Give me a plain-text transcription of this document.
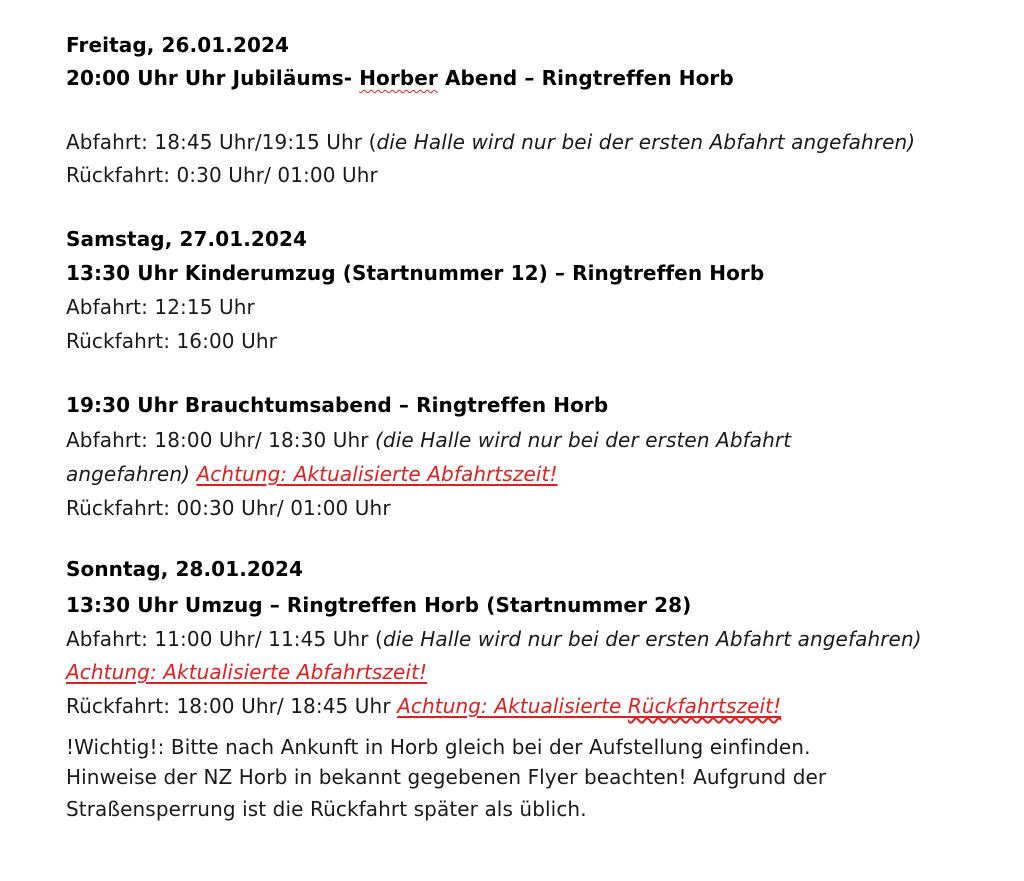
Freitag, 26.01.2024
20:00 Uhr Uhr Jubiläums- Horber Abend – Ringtreffen Horb
Abfahrt: 18:45 Uhr/19:15 Uhr (die Halle wird nur bei der ersten Abfahrt angefahren)
Rückfahrt: 0:30 Uhr/ 01:00 Uhr
Samstag, 27.01.2024
13:30 Uhr Kinderumzug (Startnummer 12) – Ringtreffen Horb
Abfahrt: 12:15 Uhr
Rückfahrt: 16:00 Uhr
19:30 Uhr Brauchtumsabend – Ringtreffen Horb
Abfahrt: 18:00 Uhr/ 18:30 Uhr (die Halle wird nur bei der ersten Abfahrt
angefahren) Achtung: Aktualisierte Abfahrtszeit!
Rückfahrt: 00:30 Uhr/ 01:00 Uhr
Sonntag, 28.01.2024
13:30 Uhr Umzug – Ringtreffen Horb (Startnummer 28)
Abfahrt: 11:00 Uhr/ 11:45 Uhr (die Halle wird nur bei der ersten Abfahrt angefahren)
Achtung: Aktualisierte Abfahrtszeit!
Rückfahrt: 18:00 Uhr/ 18:45 Uhr Achtung: Aktualisierte Rückfahrtszeit!
!Wichtig!: Bitte nach Ankunft in Horb gleich bei der Aufstellung einfinden.
Hinweise der NZ Horb in bekannt gegebenen Flyer beachten! Aufgrund der
Straßensperrung ist die Rückfahrt später als üblich.
